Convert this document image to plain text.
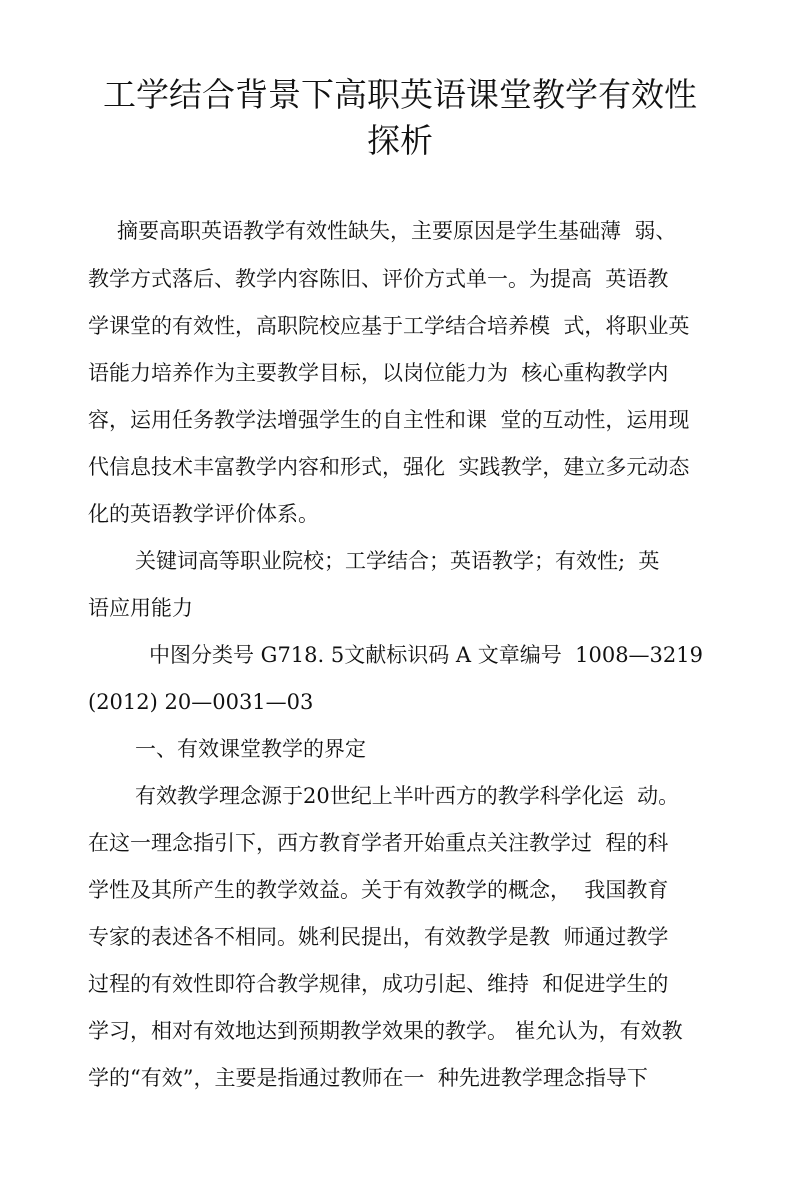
工学结合背景下高职英语课堂教学有效性
探析
摘要高职英语教学有效性缺失，主要原因是学生基础薄  弱、
教学方式落后、教学内容陈旧、评价方式单一。为提高  英语教
学课堂的有效性，高职院校应基于工学结合培养模  式，将职业英
语能力培养作为主要教学目标，以岗位能力为  核心重构教学内
容，运用任务教学法增强学生的自主性和课  堂的互动性，运用现
代信息技术丰富教学内容和形式，强化  实践教学，建立多元动态
化的英语教学评价体系。
关键词高等职业院校；工学结合；英语教学；有效性;  英
语应用能力
中图分类号 G718. 5文献标识码 A 文章编号  1008—3219
(2012) 20—0031—03
一、有效课堂教学的界定
有效教学理念源于20世纪上半叶西方的教学科学化运  动。
在这一理念指引下，西方教育学者开始重点关注教学过  程的科
学性及其所产生的教学效益。关于有效教学的概念，  我国教育
专家的表述各不相同。姚利民提出，有效教学是教  师通过教学
过程的有效性即符合教学规律，成功引起、维持  和促进学生的
学习，相对有效地达到预期教学效果的教学。 崔允认为，有效教
学的“有效”，主要是指通过教师在一  种先进教学理念指导下
